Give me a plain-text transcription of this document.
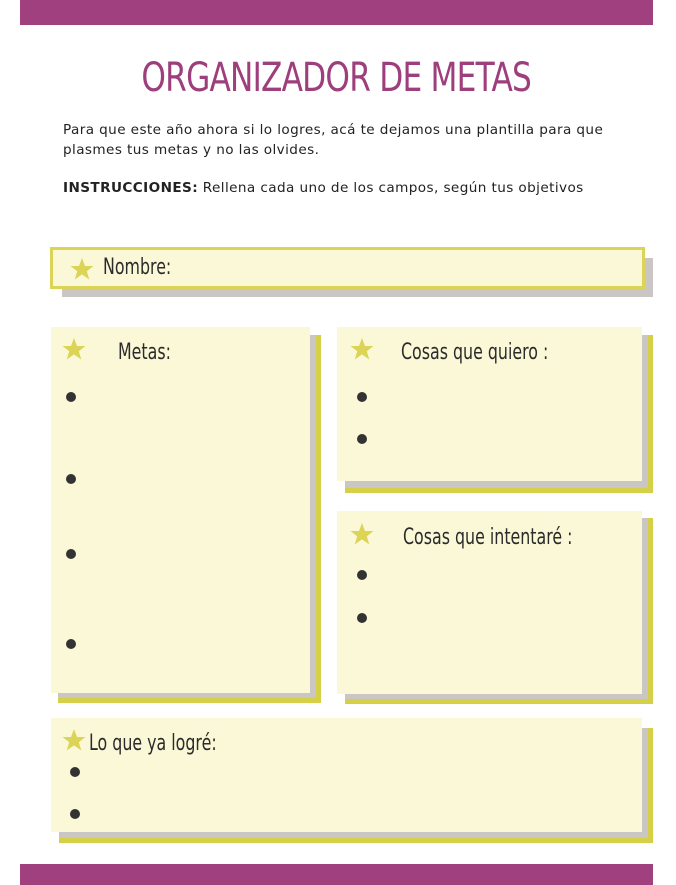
ORGANIZADOR DE METAS

Para que este año ahora si lo logres, acá te dejamos una plantilla para que plasmes tus metas y no las olvides.

INSTRUCCIONES: Rellena cada uno de los campos, según tus objetivos

Nombre:
Metas:	Cosas que quiero :
Cosas que intentaré :
Lo que ya logré:
